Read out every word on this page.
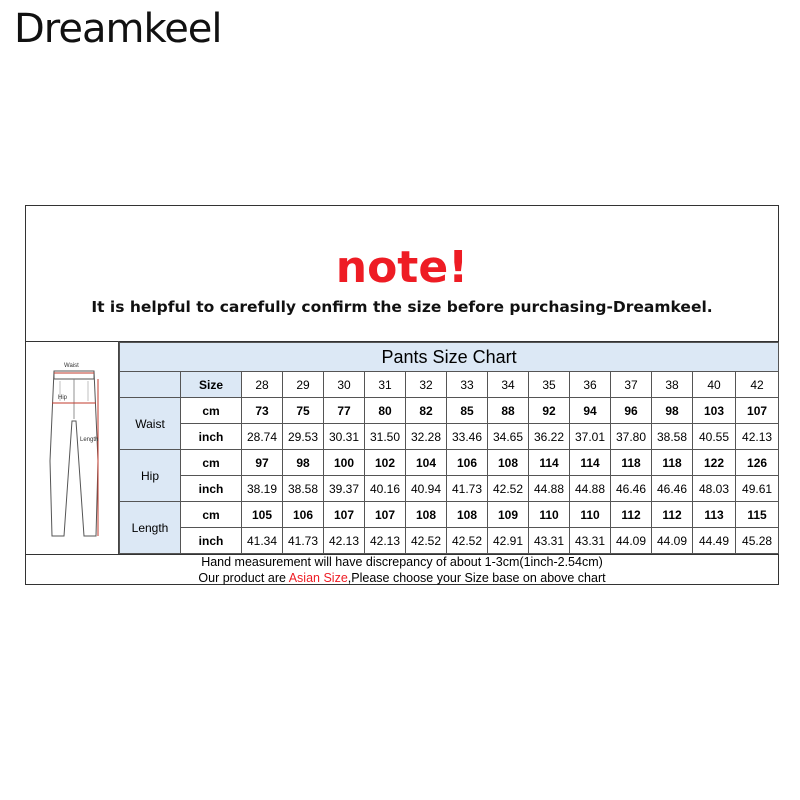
Dreamkeel
note!
It is helpful to carefully confirm the size before purchasing-Dreamkeel.
Waist
Hip
Length
Pants Size Chart														
	Size	28	29	30	31	32	33	34	35	36	37	38	40	42
Waist	cm	73	75	77	80	82	85	88	92	94	96	98	103	107
	inch	28.74	29.53	30.31	31.50	32.28	33.46	34.65	36.22	37.01	37.80	38.58	40.55	42.13
Hip	cm	97	98	100	102	104	106	108	114	114	118	118	122	126
	inch	38.19	38.58	39.37	40.16	40.94	41.73	42.52	44.88	44.88	46.46	46.46	48.03	49.61
Length	cm	105	106	107	107	108	108	109	110	110	112	112	113	115
	inch	41.34	41.73	42.13	42.13	42.52	42.52	42.91	43.31	43.31	44.09	44.09	44.49	45.28
Hand measurement will have discrepancy of about 1-3cm(1inch-2.54cm)
Our product are Asian Size,Please choose your Size base on above chart
